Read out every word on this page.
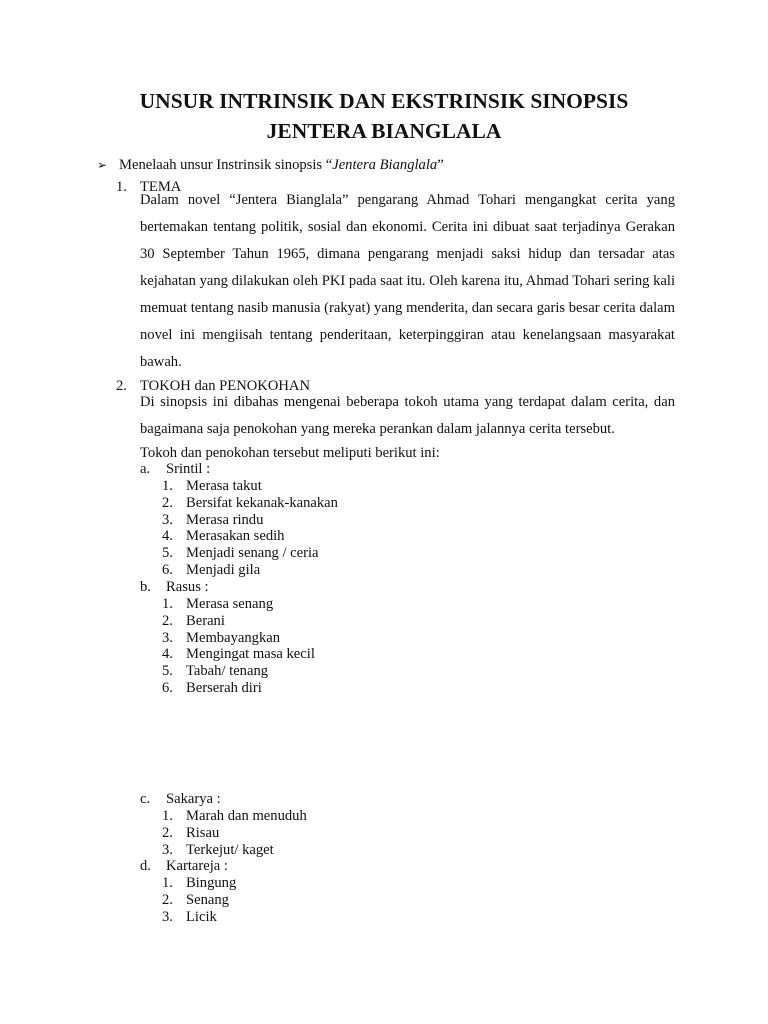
UNSUR INTRINSIK DAN EKSTRINSIK SINOPSIS
JENTERA BIANGLALA
➢ Menelaah unsur Instrinsik sinopsis “Jentera Bianglala”
1. TEMA
Dalam novel “Jentera Bianglala” pengarang Ahmad Tohari mengangkat cerita yang bertemakan tentang politik, sosial dan ekonomi. Cerita ini dibuat saat terjadinya Gerakan 30 September Tahun 1965, dimana pengarang menjadi saksi hidup dan tersadar atas kejahatan yang dilakukan oleh PKI pada saat itu. Oleh karena itu, Ahmad Tohari sering kali memuat tentang nasib manusia (rakyat) yang menderita, dan secara garis besar cerita dalam novel ini mengiisah tentang penderitaan, keterpinggiran atau kenelangsaan masyarakat bawah.
2. TOKOH dan PENOKOHAN
Di sinopsis ini dibahas mengenai beberapa tokoh utama yang terdapat dalam cerita, dan bagaimana saja penokohan yang mereka perankan dalam jalannya cerita tersebut.
Tokoh dan penokohan tersebut meliputi berikut ini:
a. Srintil :
1. Merasa takut
2. Bersifat kekanak-kanakan
3. Merasa rindu
4. Merasakan sedih
5. Menjadi senang / ceria
6. Menjadi gila
b. Rasus :
1. Merasa senang
2. Berani
3. Membayangkan
4. Mengingat masa kecil
5. Tabah/ tenang
6. Berserah diri
c. Sakarya :
1. Marah dan menuduh
2. Risau
3. Terkejut/ kaget
d. Kartareja :
1. Bingung
2. Senang
3. Licik
